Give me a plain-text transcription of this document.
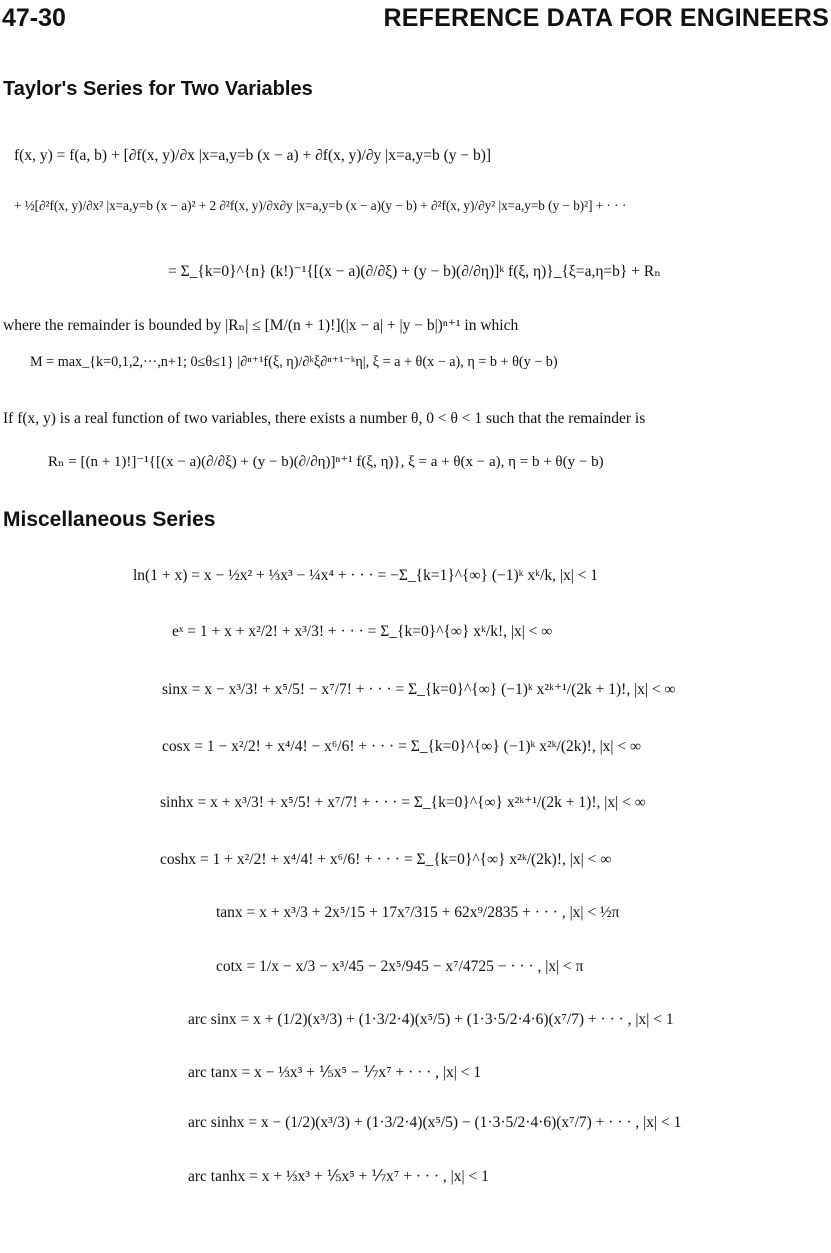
47-30	REFERENCE DATA FOR ENGINEERS
Taylor's Series for Two Variables
f(x, y) = f(a, b) + [∂f(x, y)/∂x |x=a,y=b (x − a) + ∂f(x, y)/∂y |x=a,y=b (y − b)]
+ ½[∂²f(x, y)/∂x² |x=a,y=b (x − a)² + 2 ∂²f(x, y)/∂x∂y |x=a,y=b (x − a)(y − b) + ∂²f(x, y)/∂y² |x=a,y=b (y − b)²] + · · ·
= Σ_{k=0}^{n} (k!)⁻¹{[(x − a)(∂/∂ξ) + (y − b)(∂/∂η)]ᵏ f(ξ, η)}_{ξ=a,η=b} + Rₙ
where the remainder is bounded by |Rₙ| ≤ [M/(n + 1)!](|x − a| + |y − b|)ⁿ⁺¹ in which
M = max_{k=0,1,2,···,n+1; 0≤θ≤1} |∂ⁿ⁺¹f(ξ, η)/∂ᵏξ∂ⁿ⁺¹⁻ᵏη|, ξ = a + θ(x − a), η = b + θ(y − b)
If f(x, y) is a real function of two variables, there exists a number θ, 0 < θ < 1 such that the remainder is
Rₙ = [(n + 1)!]⁻¹{[(x − a)(∂/∂ξ) + (y − b)(∂/∂η)]ⁿ⁺¹ f(ξ, η)}, ξ = a + θ(x − a), η = b + θ(y − b)
Miscellaneous Series
ln(1 + x) = x − ½x² + ⅓x³ − ¼x⁴ + · · · = −Σ_{k=1}^{∞} (−1)ᵏ xᵏ/k, |x| < 1
eˣ = 1 + x + x²/2! + x³/3! + · · · = Σ_{k=0}^{∞} xᵏ/k!, |x| < ∞
sinx = x − x³/3! + x⁵/5! − x⁷/7! + · · · = Σ_{k=0}^{∞} (−1)ᵏ x²ᵏ⁺¹/(2k + 1)!, |x| < ∞
cosx = 1 − x²/2! + x⁴/4! − x⁶/6! + · · · = Σ_{k=0}^{∞} (−1)ᵏ x²ᵏ/(2k)!, |x| < ∞
sinhx = x + x³/3! + x⁵/5! + x⁷/7! + · · · = Σ_{k=0}^{∞} x²ᵏ⁺¹/(2k + 1)!, |x| < ∞
coshx = 1 + x²/2! + x⁴/4! + x⁶/6! + · · · = Σ_{k=0}^{∞} x²ᵏ/(2k)!, |x| < ∞
tanx = x + x³/3 + 2x⁵/15 + 17x⁷/315 + 62x⁹/2835 + · · · , |x| < ½π
cotx = 1/x − x/3 − x³/45 − 2x⁵/945 − x⁷/4725 − · · · , |x| < π
arc sinx = x + (1/2)(x³/3) + (1·3/2·4)(x⁵/5) + (1·3·5/2·4·6)(x⁷/7) + · · · , |x| < 1
arc tanx = x − ⅓x³ + ⅕x⁵ − ⅐x⁷ + · · · , |x| < 1
arc sinhx = x − (1/2)(x³/3) + (1·3/2·4)(x⁵/5) − (1·3·5/2·4·6)(x⁷/7) + · · · , |x| < 1
arc tanhx = x + ⅓x³ + ⅕x⁵ + ⅐x⁷ + · · · , |x| < 1
